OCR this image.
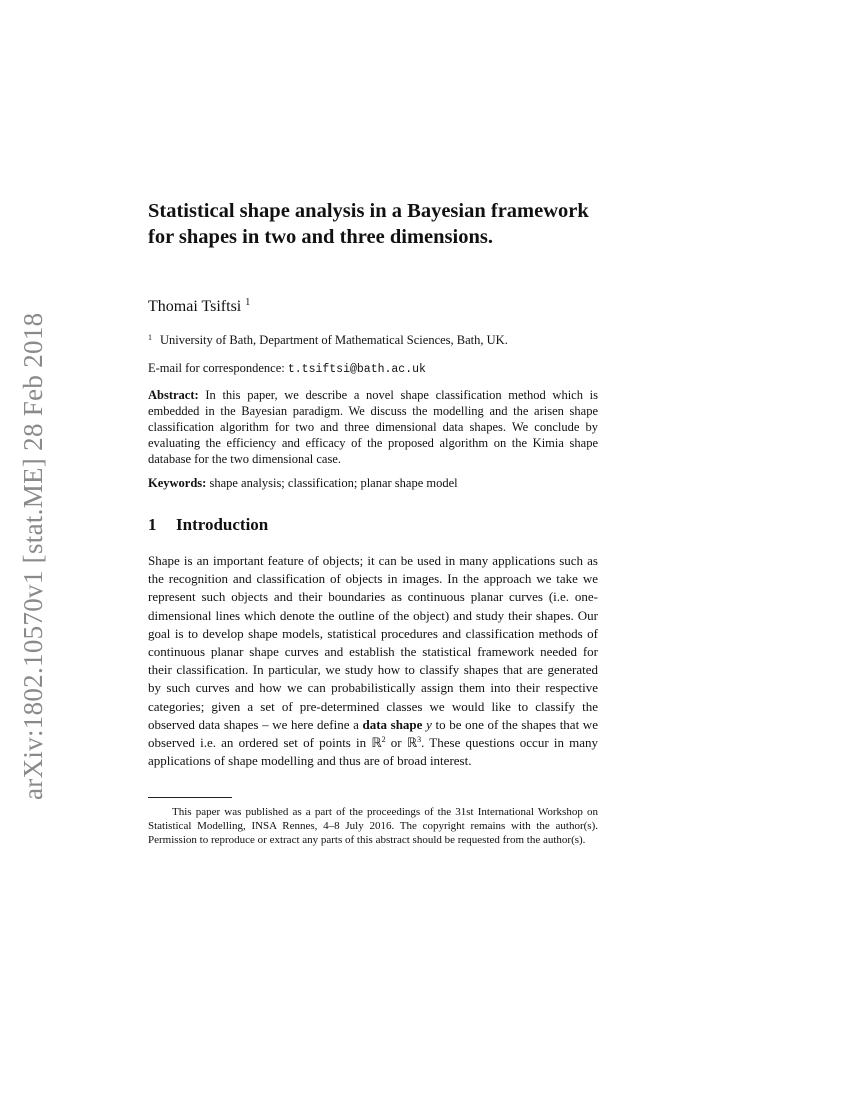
arXiv:1802.10570v1 [stat.ME] 28 Feb 2018
Statistical shape analysis in a Bayesian framework for shapes in two and three dimensions.

Thomai Tsiftsi $^1$

$^1$ University of Bath, Department of Mathematical Sciences, Bath, UK.

E-mail for correspondence: t.tsiftsi@bath.ac.uk

Abstract: In this paper, we describe a novel shape classification method which is embedded in the Bayesian paradigm. We discuss the modelling and the arisen shape classification algorithm for two and three dimensional data shapes. We conclude by evaluating the efficiency and efficacy of the proposed algorithm on the Kimia shape database for the two dimensional case.

Keywords: shape analysis; classification; planar shape model

1 Introduction

Shape is an important feature of objects; it can be used in many applications such as the recognition and classification of objects in images. In the approach we take we represent such objects and their boundaries as continuous planar curves (i.e. one-dimensional lines which denote the outline of the object) and study their shapes. Our goal is to develop shape models, statistical procedures and classification methods of continuous planar shape curves and establish the statistical framework needed for their classification. In particular, we study how to classify shapes that are generated by such curves and how we can probabilistically assign them into their respective categories; given a set of pre-determined classes we would like to classify the observed data shapes – we here define a data shape y to be one of the shapes that we observed i.e. an ordered set of points in ℝ$^2$ or ℝ$^3$. These questions occur in many applications of shape modelling and thus are of broad interest.

This paper was published as a part of the proceedings of the 31st International Workshop on Statistical Modelling, INSA Rennes, 4–8 July 2016. The copyright remains with the author(s). Permission to reproduce or extract any parts of this abstract should be requested from the author(s).
